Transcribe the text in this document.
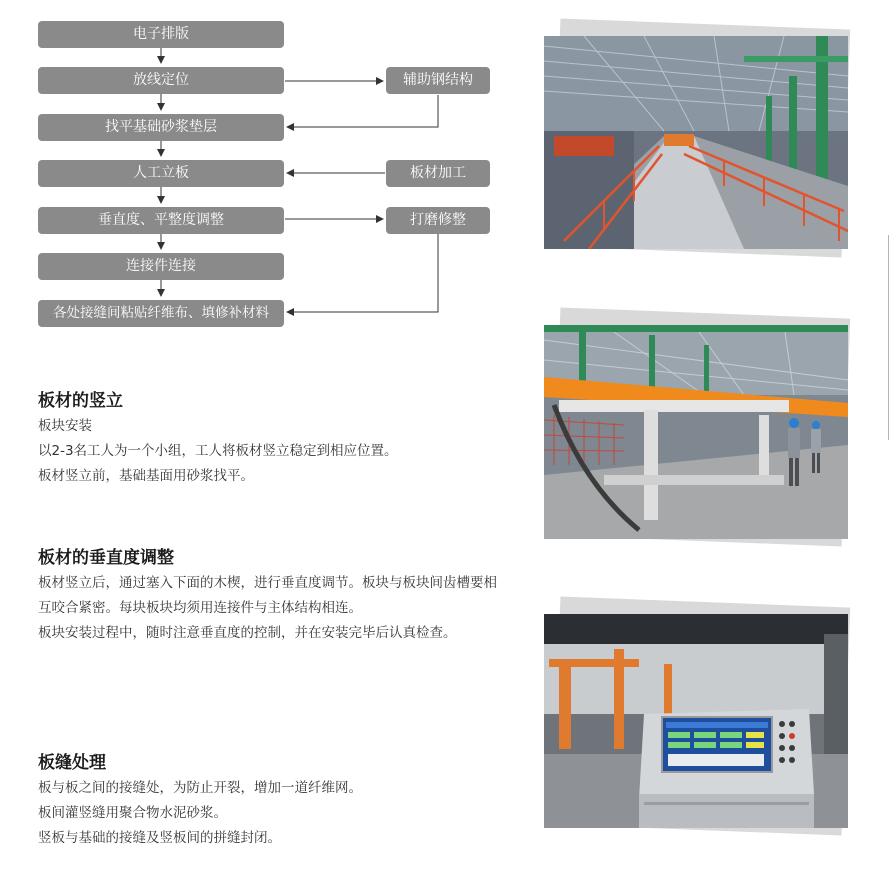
电子排版
放线定位
找平基础砂浆垫层
人工立板
垂直度、平整度调整
连接件连接
各处接缝间粘贴纤维布、填修补材料
辅助钢结构
板材加工
打磨修整
板材的竖立
板块安装
以2-3名工人为一个小组，工人将板材竖立稳定到相应位置。
板材竖立前，基础基面用砂浆找平。
板材的垂直度调整
板材竖立后，通过塞入下面的木楔，进行垂直度调节。板块与板块间齿槽要相互咬合紧密。每块板块均须用连接件与主体结构相连。
板块安装过程中，随时注意垂直度的控制，并在安装完毕后认真检查。
板缝处理
板与板之间的接缝处，为防止开裂，增加一道纤维网。
板间灌竖缝用聚合物水泥砂浆。
竖板与基础的接缝及竖板间的拼缝封闭。
